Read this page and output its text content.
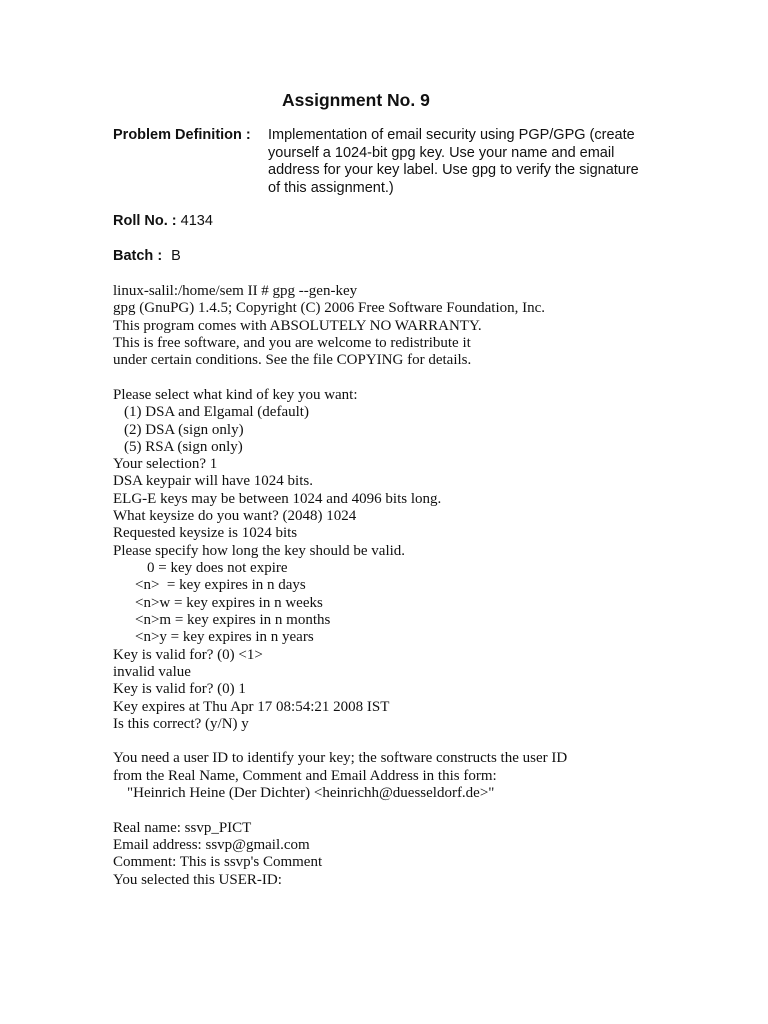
Assignment No. 9
Problem Definition : Implementation of email security using PGP/GPG (create
yourself a 1024-bit gpg key. Use your name and email
address for your key label. Use gpg to verify the signature
of this assignment.)
Roll No. : 4134
Batch : B
linux-salil:/home/sem II # gpg --gen-key
gpg (GnuPG) 1.4.5; Copyright (C) 2006 Free Software Foundation, Inc.
This program comes with ABSOLUTELY NO WARRANTY.
This is free software, and you are welcome to redistribute it
under certain conditions. See the file COPYING for details.
Please select what kind of key you want:
(1) DSA and Elgamal (default)
(2) DSA (sign only)
(5) RSA (sign only)
Your selection? 1
DSA keypair will have 1024 bits.
ELG-E keys may be between 1024 and 4096 bits long.
What keysize do you want? (2048) 1024
Requested keysize is 1024 bits
Please specify how long the key should be valid.
0 = key does not expire
<n>  = key expires in n days
<n>w = key expires in n weeks
<n>m = key expires in n months
<n>y = key expires in n years
Key is valid for? (0) <1>
invalid value
Key is valid for? (0) 1
Key expires at Thu Apr 17 08:54:21 2008 IST
Is this correct? (y/N) y
You need a user ID to identify your key; the software constructs the user ID
from the Real Name, Comment and Email Address in this form:
"Heinrich Heine (Der Dichter) <heinrichh@duesseldorf.de>"
Real name: ssvp_PICT
Email address: ssvp@gmail.com
Comment: This is ssvp's Comment
You selected this USER-ID:
